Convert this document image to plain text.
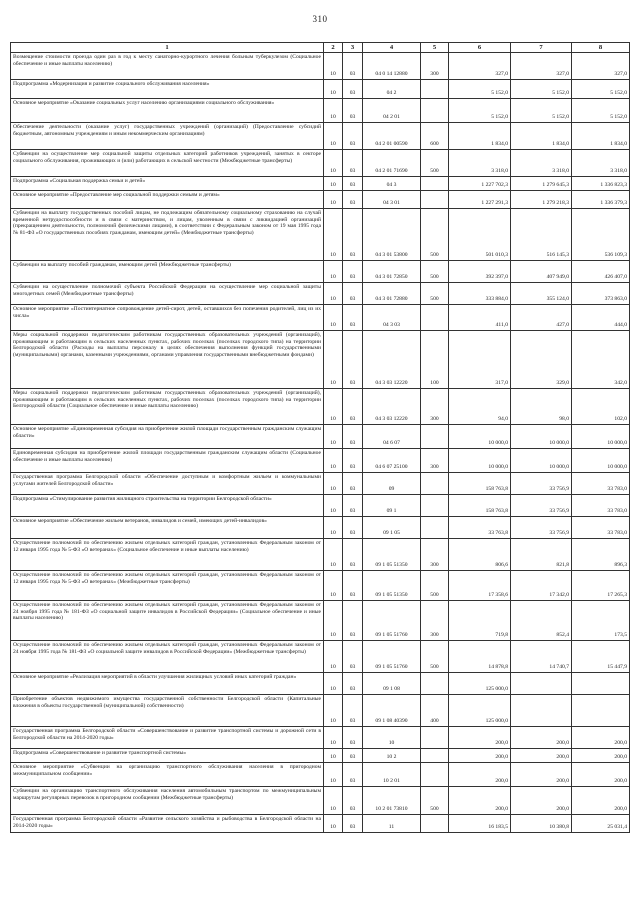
310
1	2	3	4	5	6	7	8
Возмещение стоимости проезда один раз в год к месту санаторно-курортного лечения больным туберкулезом (Социальное обеспечение и иные выплаты населению)	10	03	04 0 14 12880	300	327,0	327,0	327,0
Подпрограмма «Модернизация и развитие социального обслуживания населения»	10	03	04 2		5 152,0	5 152,0	5 152,0
Основное мероприятие «Оказание социальных услуг населению организациями социального обслуживания»	10	03	04 2 01		5 152,0	5 152,0	5 152,0
Обеспечение деятельности (оказание услуг) государственных учреждений (организаций) (Предоставление субсидий бюджетным, автономным учреждениям и иным некоммерческим организациям)	10	03	04 2 01 00590	600	1 834,0	1 834,0	1 834,0
Субвенции на осуществление мер социальной защиты отдельных категорий работников учреждений, занятых в секторе социального обслуживания, проживающих и (или) работающих в сельской местности (Межбюджетные трансферты)	10	03	04 2 01 71690	500	3 318,0	3 318,0	3 318,0
Подпрограмма «Социальная поддержка семьи и детей»	10	03	04 3		1 227 702,3	1 279 645,3	1 336 823,3
Основное мероприятие «Предоставление мер социальной поддержки семьям и детям»	10	03	04 3 01		1 227 291,3	1 279 218,3	1 336 379,3
Субвенции на выплату государственных пособий лицам, не подлежащим обязательному социальному страхованию на случай временной нетрудоспособности и в связи с материнством, и лицам, уволенным в связи с ликвидацией организаций (прекращением деятельности, полномочий физическими лицами), в соответствии с Федеральным законом от 19 мая 1995 года № 81-ФЗ «О государственных пособиях гражданам, имеющим детей» (Межбюджетные трансферты)	10	03	04 3 01 53800	500	501 010,3	516 145,3	536 109,3
Субвенции на выплату пособий гражданам, имеющим детей (Межбюджетные трансферты)	10	03	04 3 01 72850	500	392 397,0	407 949,0	426 407,0
Субвенции на осуществление полномочий субъекта Российской Федерации на осуществление мер социальной защиты многодетных семей (Межбюджетные трансферты)	10	03	04 3 01 72880	500	333 884,0	355 124,0	373 863,0
Основное мероприятие «Постинтернатное сопровождение детей-сирот, детей, оставшихся без попечения родителей, лиц из их числа»	10	03	04 3 03		411,0	427,0	444,0
Меры социальной поддержки педагогическим работникам государственных образовательных учреждений (организаций), проживающим и работающим в сельских населенных пунктах, рабочих поселках (поселках городского типа) на территории Белгородской области (Расходы на выплаты персоналу в целях обеспечения выполнения функций государственными (муниципальными) органами, казенными учреждениями, органами управления государственными внебюджетными фондами)	10	03	04 3 03 12220	100	317,0	329,0	342,0
Меры социальной поддержки педагогическим работникам государственных образовательных учреждений (организаций), проживающим и работающим в сельских населенных пунктах, рабочих поселках (поселках городского типа) на территории Белгородской области (Социальное обеспечение и иные выплаты населению)	10	03	04 3 03 12220	300	94,0	98,0	102,0
Основное мероприятие «Единовременная субсидия на приобретение жилой площади государственным гражданским служащим области»	10	03	04 6 07		10 000,0	10 000,0	10 000,0
Единовременная субсидия на приобретение жилой площади государственным гражданским служащим области (Социальное обеспечение и иные выплаты населению)	10	03	04 6 07 25100	300	10 000,0	10 000,0	10 000,0
Государственная программа Белгородской области «Обеспечение доступным и комфортным жильем и коммунальными услугами жителей Белгородской области»	10	03	09		158 763,8	33 756,9	33 783,0
Подпрограмма «Стимулирование развития жилищного строительства на территории Белгородской области»	10	03	09 1		158 763,8	33 756,9	33 783,0
Основное мероприятие «Обеспечение жильем ветеранов, инвалидов и семей, имеющих детей-инвалидов»	10	03	09 1 05		33 763,8	33 756,9	33 783,0
Осуществление полномочий по обеспечению жильем отдельных категорий граждан, установленных Федеральным законом от 12 января 1995 года № 5-ФЗ «О ветеранах» (Социальное обеспечение и иные выплаты населению)	10	03	09 1 05 51350	300	806,6	821,8	896,3
Осуществление полномочий по обеспечению жильем отдельных категорий граждан, установленных Федеральным законом от 12 января 1995 года № 5-ФЗ «О ветеранах» (Межбюджетные трансферты)	10	03	09 1 05 51350	500	17 358,6	17 342,0	17 265,3
Осуществление полномочий по обеспечению жильем отдельных категорий граждан, установленных Федеральным законом от 24 ноября 1995 года № 181-ФЗ «О социальной защите инвалидов в Российской Федерации» (Социальное обеспечение и иные выплаты населению)	10	03	09 1 05 51760	300	719,8	852,4	173,5
Осуществление полномочий по обеспечению жильем отдельных категорий граждан, установленных Федеральным законом от 24 ноября 1995 года № 181-ФЗ «О социальной защите инвалидов в Российской Федерации» (Межбюджетные трансферты)	10	03	09 1 05 51760	500	14 878,8	14 740,7	15 447,9
Основное мероприятие «Реализация мероприятий в области улучшения жилищных условий иных категорий граждан»	10	03	09 1 08		125 000,0		
Приобретение объектов недвижимого имущества государственной собственности Белгородской области (Капитальные вложения в объекты государственной (муниципальной) собственности)	10	03	09 1 08 40390	400	125 000,0		
Государственная программа Белгородской области «Совершенствование и развитие транспортной системы и дорожной сети в Белгородской области на 2014-2020 годы»	10	03	10		200,0	200,0	200,0
Подпрограмма «Совершенствование и развитие транспортной системы»	10	03	10 2		200,0	200,0	200,0
Основное мероприятие «Субвенции на организацию транспортного обслуживания населения в пригородном межмуниципальном сообщении»	10	03	10 2 01		200,0	200,0	200,0
Субвенции на организацию транспортного обслуживания населения автомобильным транспортом по межмуниципальным маршрутам регулярных перевозок в пригородном сообщении (Межбюджетные трансферты)	10	03	10 2 01 73810	500	200,0	200,0	200,0
Государственная программа Белгородской области «Развитие сельского хозяйства и рыбоводства в Белгородской области на 2014-2020 годы»	10	03	11		16 183,5	10 380,8	25 031,4
